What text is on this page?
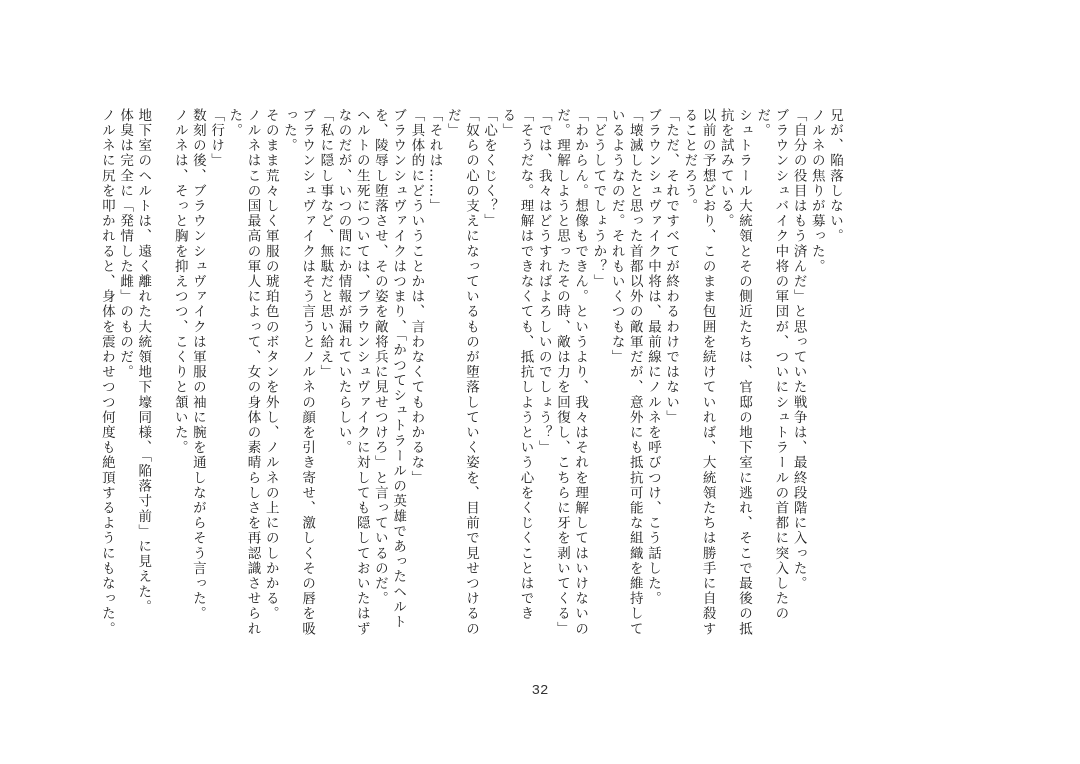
兄が、陥落しない。

ノルネの焦りが募った。

「自分の役目はもう済んだ」と思っていた戦争は、最終段階に入った。

ブラウンシュバイク中将の軍団が、ついにシュトラールの首都に突入したのだ。

シュトラール大統領とその側近たちは、官邸の地下室に逃れ、そこで最後の抵抗を試みている。

以前の予想どおり、このまま包囲を続けていれば、大統領たちは勝手に自殺することだろう。

「ただ、それですべてが終わるわけではない」

ブラウンシュヴァイク中将は、最前線にノルネを呼びつけ、こう話した。

「壊滅したと思った首都以外の敵軍だが、意外にも抵抗可能な組織を維持しているようなのだ。それもいくつもな」

「どうしてでしょうか？」

「わからん。想像もできん。というより、我々はそれを理解してはいけないのだ。理解しようと思ったその時、敵は力を回復し、こちらに牙を剥いてくる」

「では、我々はどうすればよろしいのでしょう？」

「そうだな。理解はできなくても、抵抗しようという心をくじくことはできる」

「心をくじく？」

「奴らの心の支えになっているものが堕落していく姿を、目前で見せつけるのだ」

「それは……」

「具体的にどういうことかは、言わなくてもわかるな」

ブラウンシュヴァイクはつまり、「かつてシュトラールの英雄であったヘルトを、陵辱し堕落させ、その姿を敵将兵に見せつけろ」と言っているのだ。

ヘルトの生死については、ブラウンシュヴァイクに対しても隠しておいたはずなのだが、いつの間にか情報が漏れていたらしい。

「私に隠し事など、無駄だと思い給え」

ブラウンシュヴァイクはそう言うとノルネの顔を引き寄せ、激しくその唇を吸った。

そのまま荒々しく軍服の琥珀色のボタンを外し、ノルネの上にのしかかる。

ノルネはこの国最高の軍人によって、女の身体の素晴らしさを再認識させられた。

「行け」

数刻の後、ブラウンシュヴァイクは軍服の袖に腕を通しながらそう言った。

ノルネは、そっと胸を抑えつつ、こくりと頷いた。

地下室のヘルトは、遠く離れた大統領地下壕同様、「陥落寸前」に見えた。

体臭は完全に「発情した雌」のものだ。

ノルネに尻を叩かれると、身体を震わせつつ何度も絶頂するようにもなった。

32
